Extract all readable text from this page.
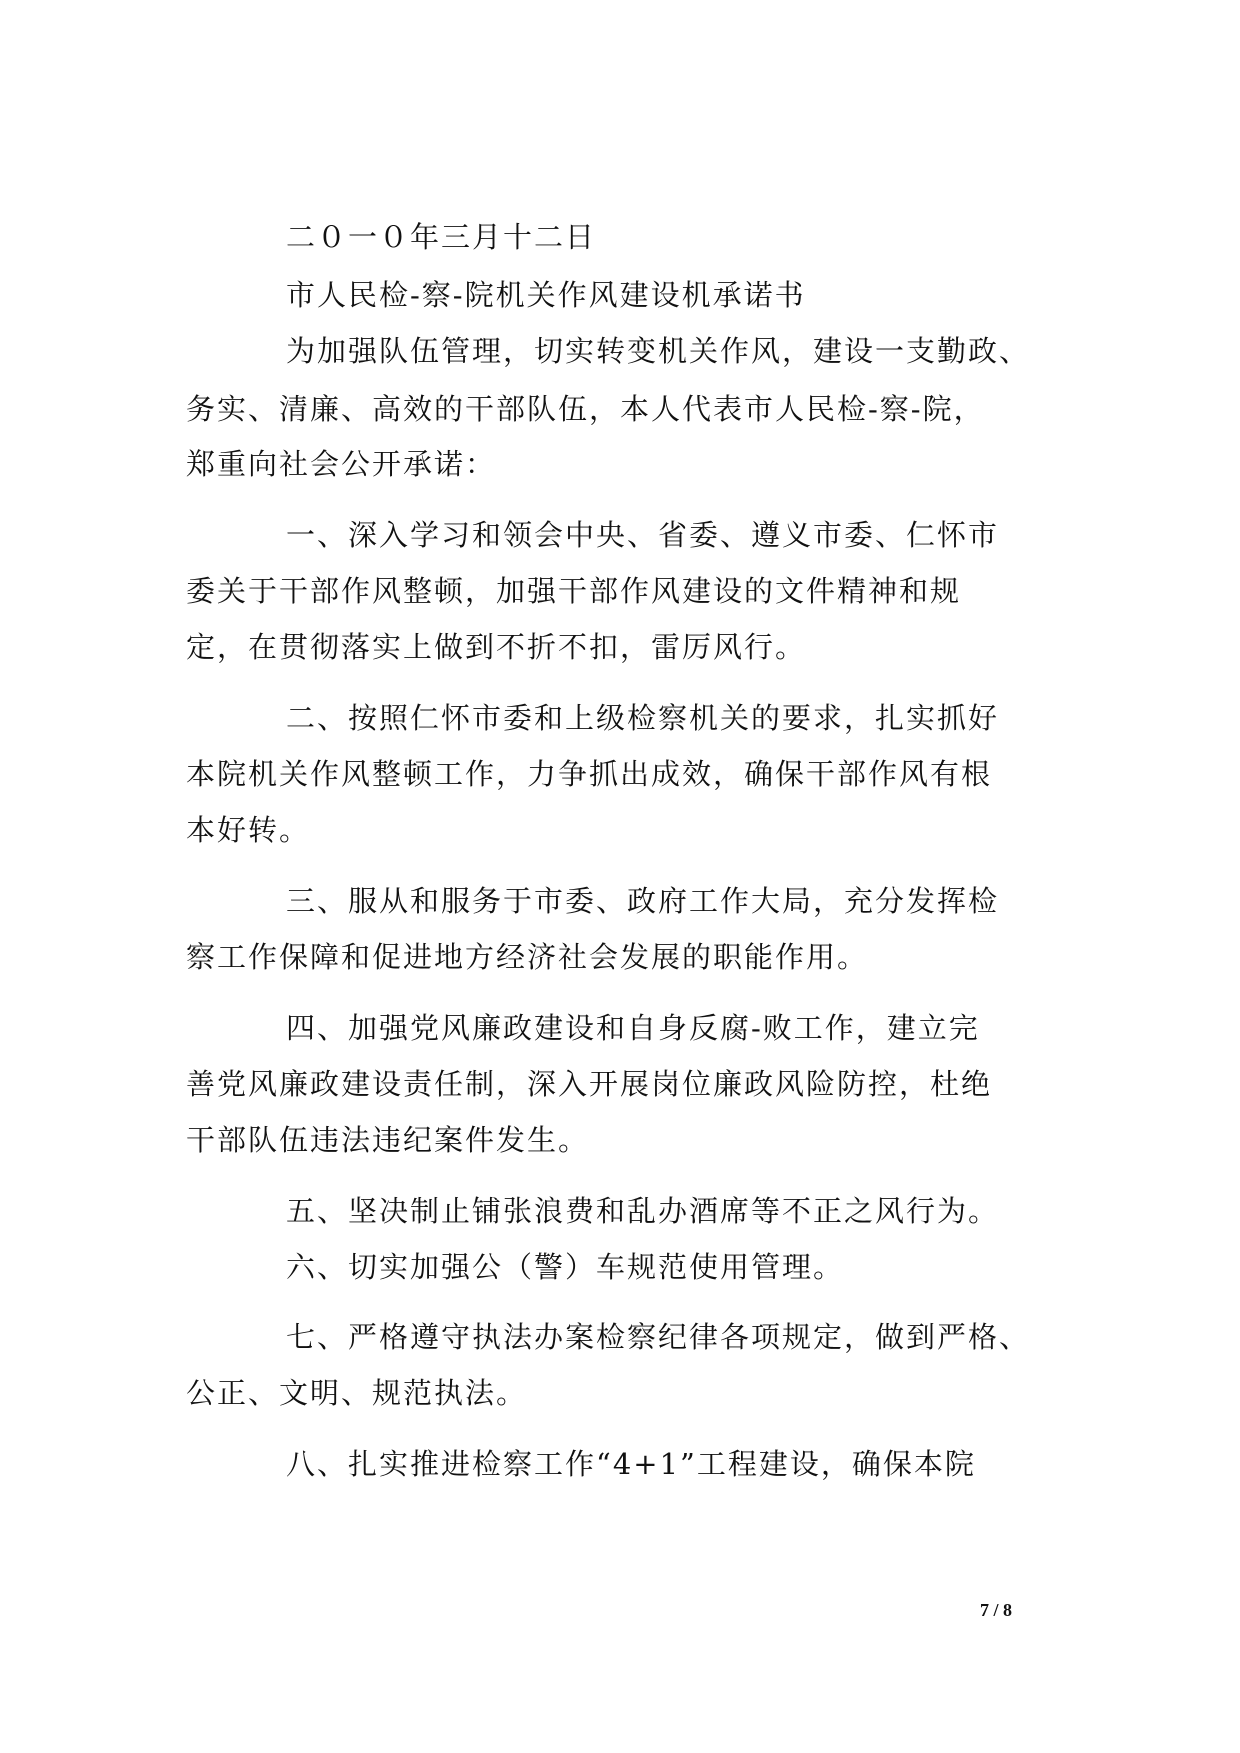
二０一０年三月十二日

市人民检-察-院机关作风建设机承诺书

为加强队伍管理，切实转变机关作风，建设一支勤政、

务实、清廉、高效的干部队伍，本人代表市人民检-察-院，

郑重向社会公开承诺：

一、深入学习和领会中央、省委、遵义市委、仁怀市

委关于干部作风整顿，加强干部作风建设的文件精神和规

定，在贯彻落实上做到不折不扣，雷厉风行。

二、按照仁怀市委和上级检察机关的要求，扎实抓好

本院机关作风整顿工作，力争抓出成效，确保干部作风有根

本好转。

三、服从和服务于市委、政府工作大局，充分发挥检

察工作保障和促进地方经济社会发展的职能作用。

四、加强党风廉政建设和自身反腐-败工作，建立完

善党风廉政建设责任制，深入开展岗位廉政风险防控，杜绝

干部队伍违法违纪案件发生。

五、坚决制止铺张浪费和乱办酒席等不正之风行为。

六、切实加强公（警）车规范使用管理。

七、严格遵守执法办案检察纪律各项规定，做到严格、

公正、文明、规范执法。

八、扎实推进检察工作“4+1”工程建设，确保本院

7 / 8
